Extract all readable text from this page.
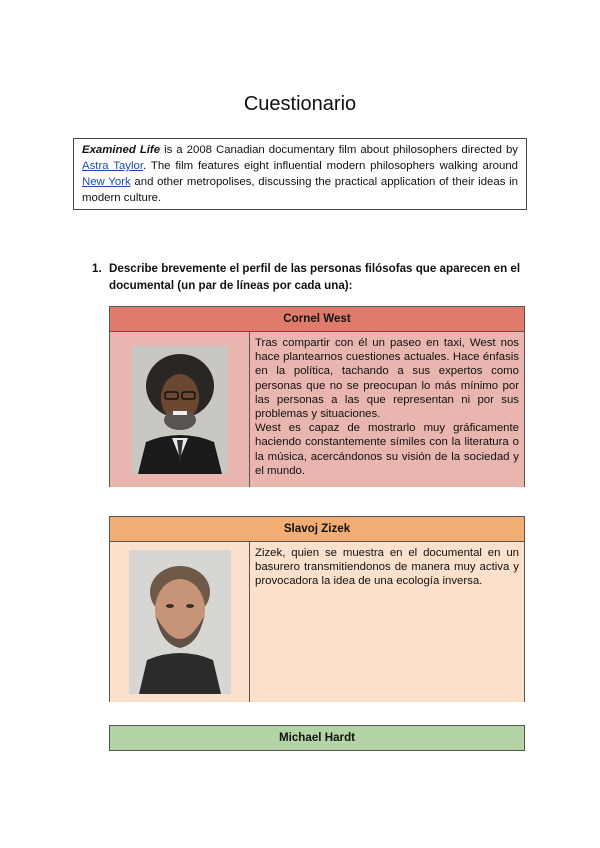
Cuestionario
Examined Life is a 2008 Canadian documentary film about philosophers directed by Astra Taylor. The film features eight influential modern philosophers walking around New York and other metropolises, discussing the practical application of their ideas in modern culture.
1. Describe brevemente el perfil de las personas filósofas que aparecen en el documental (un par de líneas por cada una):
Cornel West
Tras compartir con él un paseo en taxi, West nos hace plantearnos cuestiones actuales. Hace énfasis en la política, tachando a sus expertos como personas que no se preocupan lo más mínimo por las personas a las que representan ni por sus problemas y situaciones.
West es capaz de mostrarlo muy gráficamente haciendo constantemente símiles con la literatura o la música, acercándonos su visión de la sociedad y el mundo.
Slavoj Zizek
Zizek, quien se muestra en el documental en un basurero transmitiendonos de manera muy activa y provocadora la idea de una ecología inversa.
Michael Hardt
